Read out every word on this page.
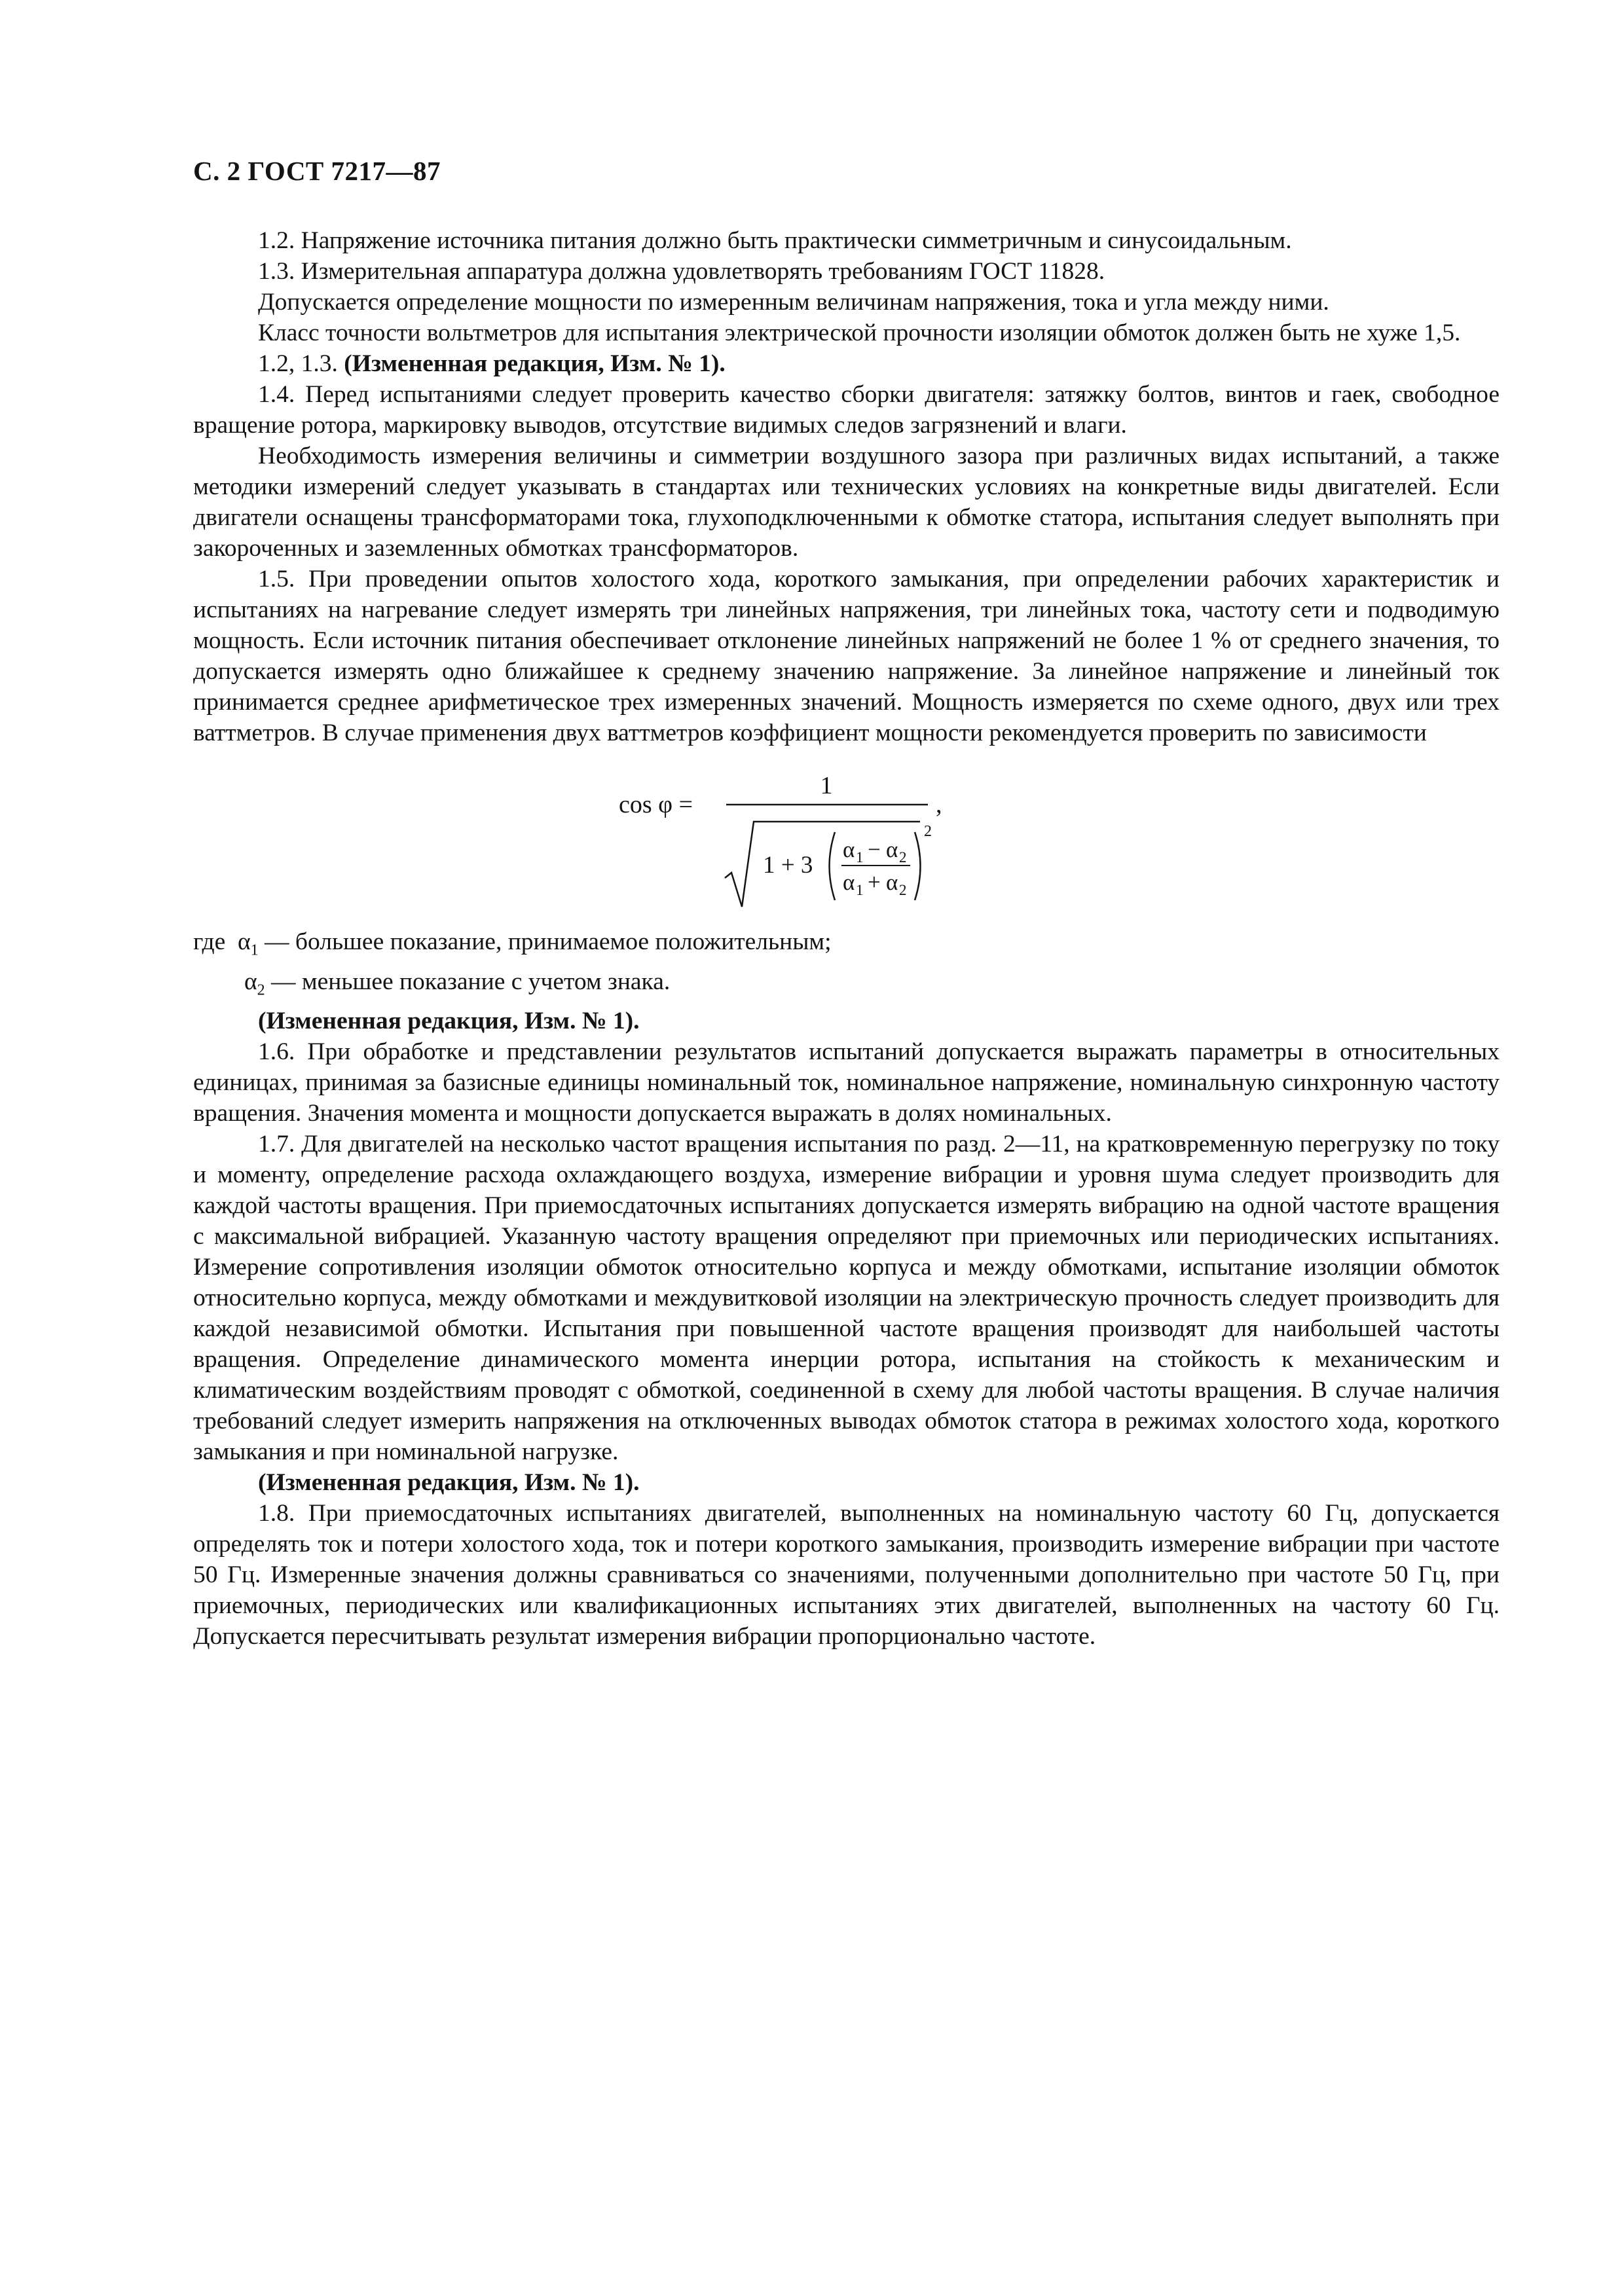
С. 2 ГОСТ 7217—87

1.2. Напряжение источника питания должно быть практически симметричным и синусоидальным.

1.3. Измерительная аппаратура должна удовлетворять требованиям ГОСТ 11828.

Допускается определение мощности по измеренным величинам напряжения, тока и угла между ними.

Класс точности вольтметров для испытания электрической прочности изоляции обмоток должен быть не хуже 1,5.

1.2, 1.3. (Измененная редакция, Изм. № 1).

1.4. Перед испытаниями следует проверить качество сборки двигателя: затяжку болтов, винтов и гаек, свободное вращение ротора, маркировку выводов, отсутствие видимых следов загрязнений и влаги.

Необходимость измерения величины и симметрии воздушного зазора при различных видах испытаний, а также методики измерений следует указывать в стандартах или технических условиях на конкретные виды двигателей. Если двигатели оснащены трансформаторами тока, глухоподключенными к обмотке статора, испытания следует выполнять при закороченных и заземленных обмотках трансформаторов.

1.5. При проведении опытов холостого хода, короткого замыкания, при определении рабочих характеристик и испытаниях на нагревание следует измерять три линейных напряжения, три линейных тока, частоту сети и подводимую мощность. Если источник питания обеспечивает отклонение линейных напряжений не более 1 % от среднего значения, то допускается измерять одно ближайшее к среднему значению напряжение. За линейное напряжение и линейный ток принимается среднее арифметическое трех измеренных значений. Мощность измеряется по схеме одного, двух или трех ваттметров. В случае применения двух ваттметров коэффициент мощности рекомендуется проверить по зависимости

cos φ =
1
1 + 3
α 1 − α 2
α 1 + α 2
2
,

где $\alpha_1$ — большее показание, принимаемое положительным;

$\alpha_2$ — меньшее показание с учетом знака.

(Измененная редакция, Изм. № 1).

1.6. При обработке и представлении результатов испытаний допускается выражать параметры в относительных единицах, принимая за базисные единицы номинальный ток, номинальное напряжение, номинальную синхронную частоту вращения. Значения момента и мощности допускается выражать в долях номинальных.

1.7. Для двигателей на несколько частот вращения испытания по разд. 2—11, на кратковременную перегрузку по току и моменту, определение расхода охлаждающего воздуха, измерение вибрации и уровня шума следует производить для каждой частоты вращения. При приемосдаточных испытаниях допускается измерять вибрацию на одной частоте вращения с максимальной вибрацией. Указанную частоту вращения определяют при приемочных или периодических испытаниях. Измерение сопротивления изоляции обмоток относительно корпуса и между обмотками, испытание изоляции обмоток относительно корпуса, между обмотками и междувитковой изоляции на электрическую прочность следует производить для каждой независимой обмотки. Испытания при повышенной частоте вращения производят для наибольшей частоты вращения. Определение динамического момента инерции ротора, испытания на стойкость к механическим и климатическим воздействиям проводят с обмоткой, соединенной в схему для любой частоты вращения. В случае наличия требований следует измерить напряжения на отключенных выводах обмоток статора в режимах холостого хода, короткого замыкания и при номинальной нагрузке.

(Измененная редакция, Изм. № 1).

1.8. При приемосдаточных испытаниях двигателей, выполненных на номинальную частоту 60 Гц, допускается определять ток и потери холостого хода, ток и потери короткого замыкания, производить измерение вибрации при частоте 50 Гц. Измеренные значения должны сравниваться со значениями, полученными дополнительно при частоте 50 Гц, при приемочных, периодических или квалификационных испытаниях этих двигателей, выполненных на частоту 60 Гц. Допускается пересчитывать результат измерения вибрации пропорционально частоте.
